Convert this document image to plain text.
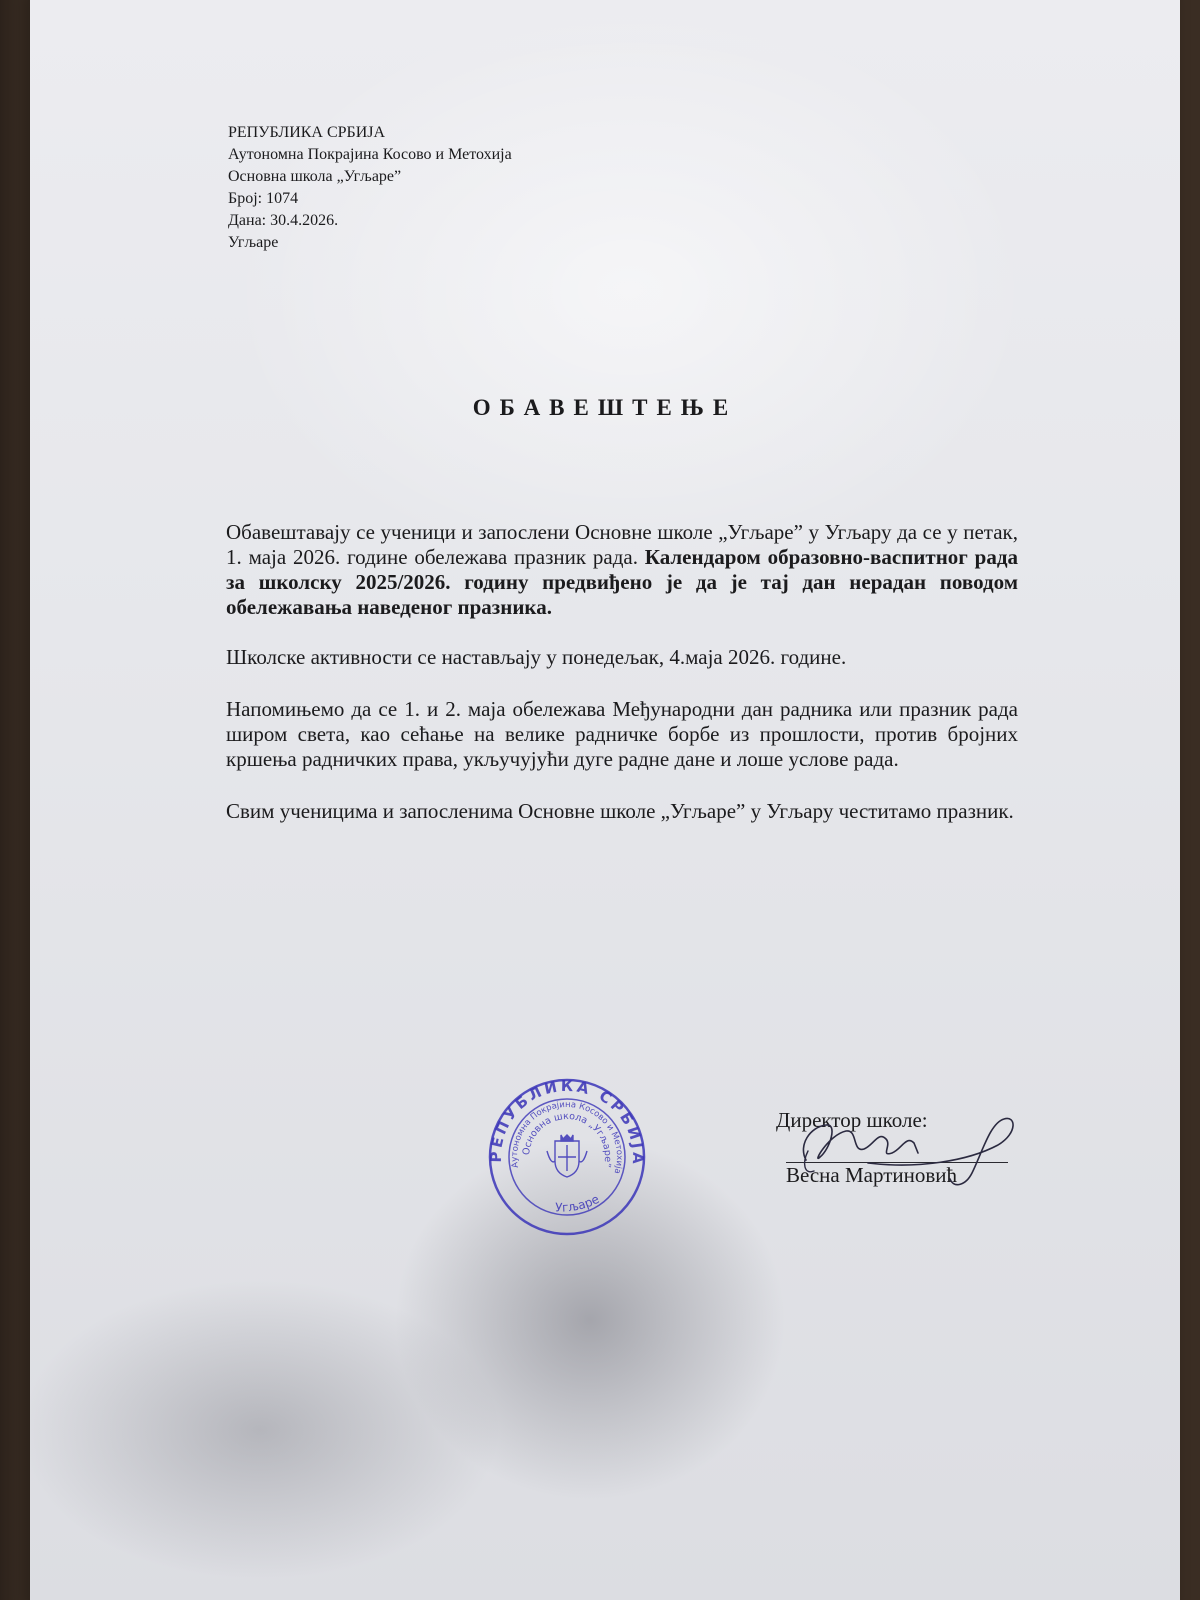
РЕПУБЛИКА СРБИЈА
Аутономна Покрајина Косово и Метохија
Основна школа „Угљаре”
Број: 1074
Дана: 30.4.2026.
Угљаре
ОБАВЕШТЕЊЕ

Обавештавају се ученици и запослени Основне школе „Угљаре” у Угљару да се у петак, 1. маја 2026. године обележава празник рада. Календаром образовно-васпитног рада за школску 2025/2026. годину предвиђено је да је тај дан нерадан поводом обележавања наведеног празника.

Школске активности се настављају у понедељак, 4.маја 2026. године.

Напомињемо да се 1. и 2. маја обележава Међународни дан радника или празник рада широм света, као сећање на велике радничке борбе из прошлости, против бројних кршења радничких права, укључујући дуге радне дане и лоше услове рада.

Свим ученицима и запосленима Основне школе „Угљаре” у Угљару честитамо празник.

РЕПУБЛИКА СРБИЈА
Аутономна Покрајина Косово и Метохија
Основна школа „Угљаре”
Угљаре
Директор школе:
Весна Мартиновић
